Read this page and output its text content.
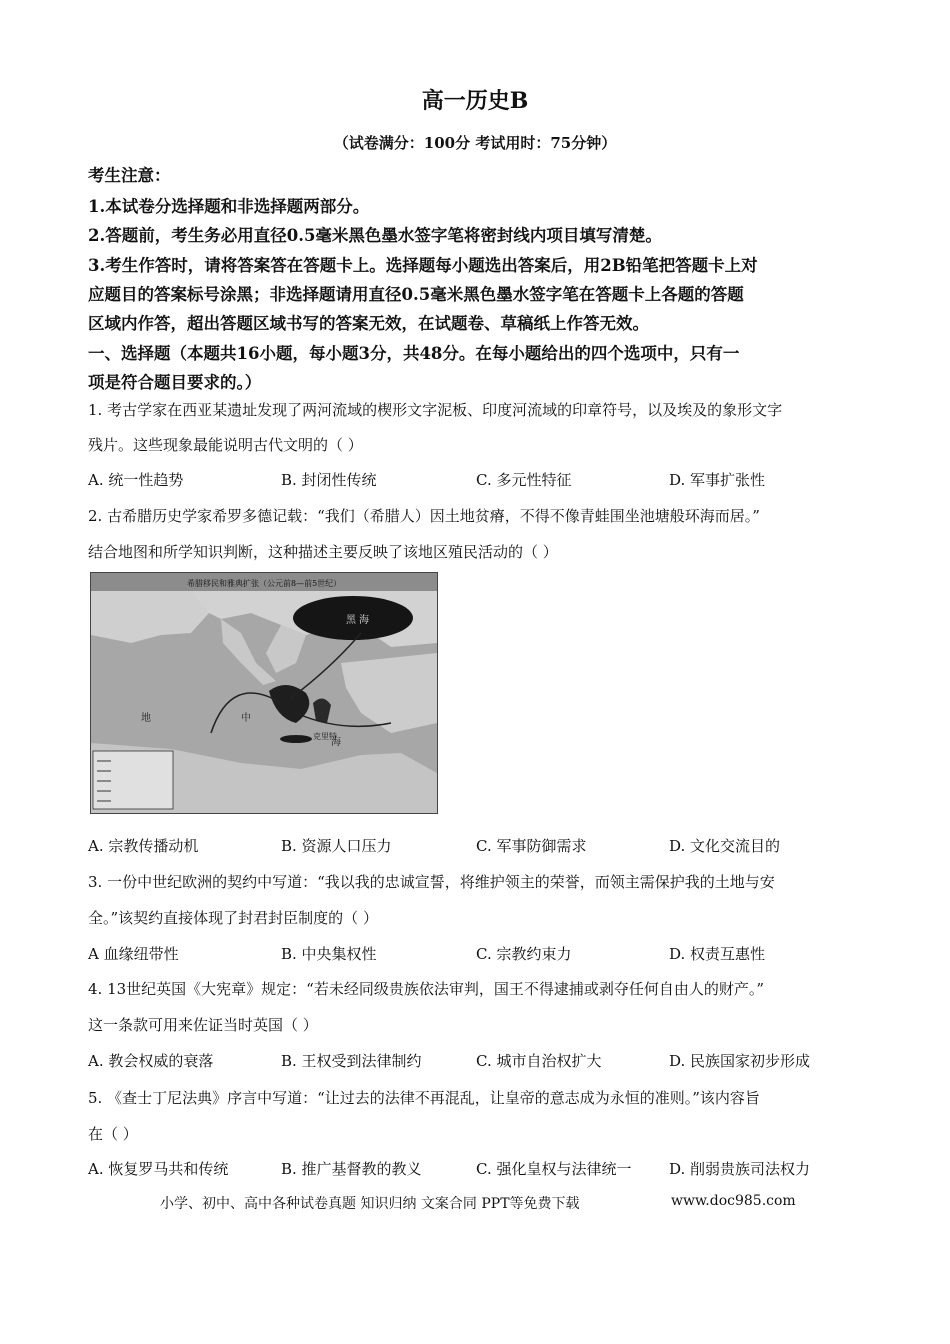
高一历史B
（试卷满分：100分 考试用时：75分钟）
考生注意：
1.本试卷分选择题和非选择题两部分。
2.答题前，考生务必用直径0.5毫米黑色墨水签字笔将密封线内项目填写清楚。
3.考生作答时，请将答案答在答题卡上。选择题每小题选出答案后，用2B铅笔把答题卡上对
应题目的答案标号涂黑；非选择题请用直径0.5毫米黑色墨水签字笔在答题卡上各题的答题
区域内作答，超出答题区域书写的答案无效，在试题卷、草稿纸上作答无效。
一、选择题（本题共16小题，每小题3分，共48分。在每小题给出的四个选项中，只有一
项是符合题目要求的。）
1. 考古学家在西亚某遗址发现了两河流域的楔形文字泥板、印度河流域的印章符号，以及埃及的象形文字
残片。这些现象最能说明古代文明的（ ）
A. 统一性趋势	B. 封闭性传统	C. 多元性特征	D. 军事扩张性
2. 古希腊历史学家希罗多德记载：“我们（希腊人）因土地贫瘠，不得不像青蛙围坐池塘般环海而居。”
结合地图和所学知识判断，这种描述主要反映了该地区殖民活动的（ ）
希腊移民和雅典扩张（公元前8—前5世纪）
地	中
海
黑 海
克里特
A. 宗教传播动机	B. 资源人口压力	C. 军事防御需求	D. 文化交流目的
3. 一份中世纪欧洲的契约中写道：“我以我的忠诚宣誓，将维护领主的荣誉，而领主需保护我的土地与安
全。”该契约直接体现了封君封臣制度的（ ）
A 血缘纽带性	B. 中央集权性	C. 宗教约束力	D. 权责互惠性
4. 13世纪英国《大宪章》规定：“若未经同级贵族依法审判，国王不得逮捕或剥夺任何自由人的财产。”
这一条款可用来佐证当时英国（ ）
A. 教会权威的衰落	B. 王权受到法律制约	C. 城市自治权扩大	D. 民族国家初步形成
5. 《查士丁尼法典》序言中写道：“让过去的法律不再混乱，让皇帝的意志成为永恒的准则。”该内容旨
在（ ）
A. 恢复罗马共和传统	B. 推广基督教的教义	C. 强化皇权与法律统一	D. 削弱贵族司法权力
小学、初中、高中各种试卷真题 知识归纳 文案合同 PPT等免费下载	www.doc985.com
